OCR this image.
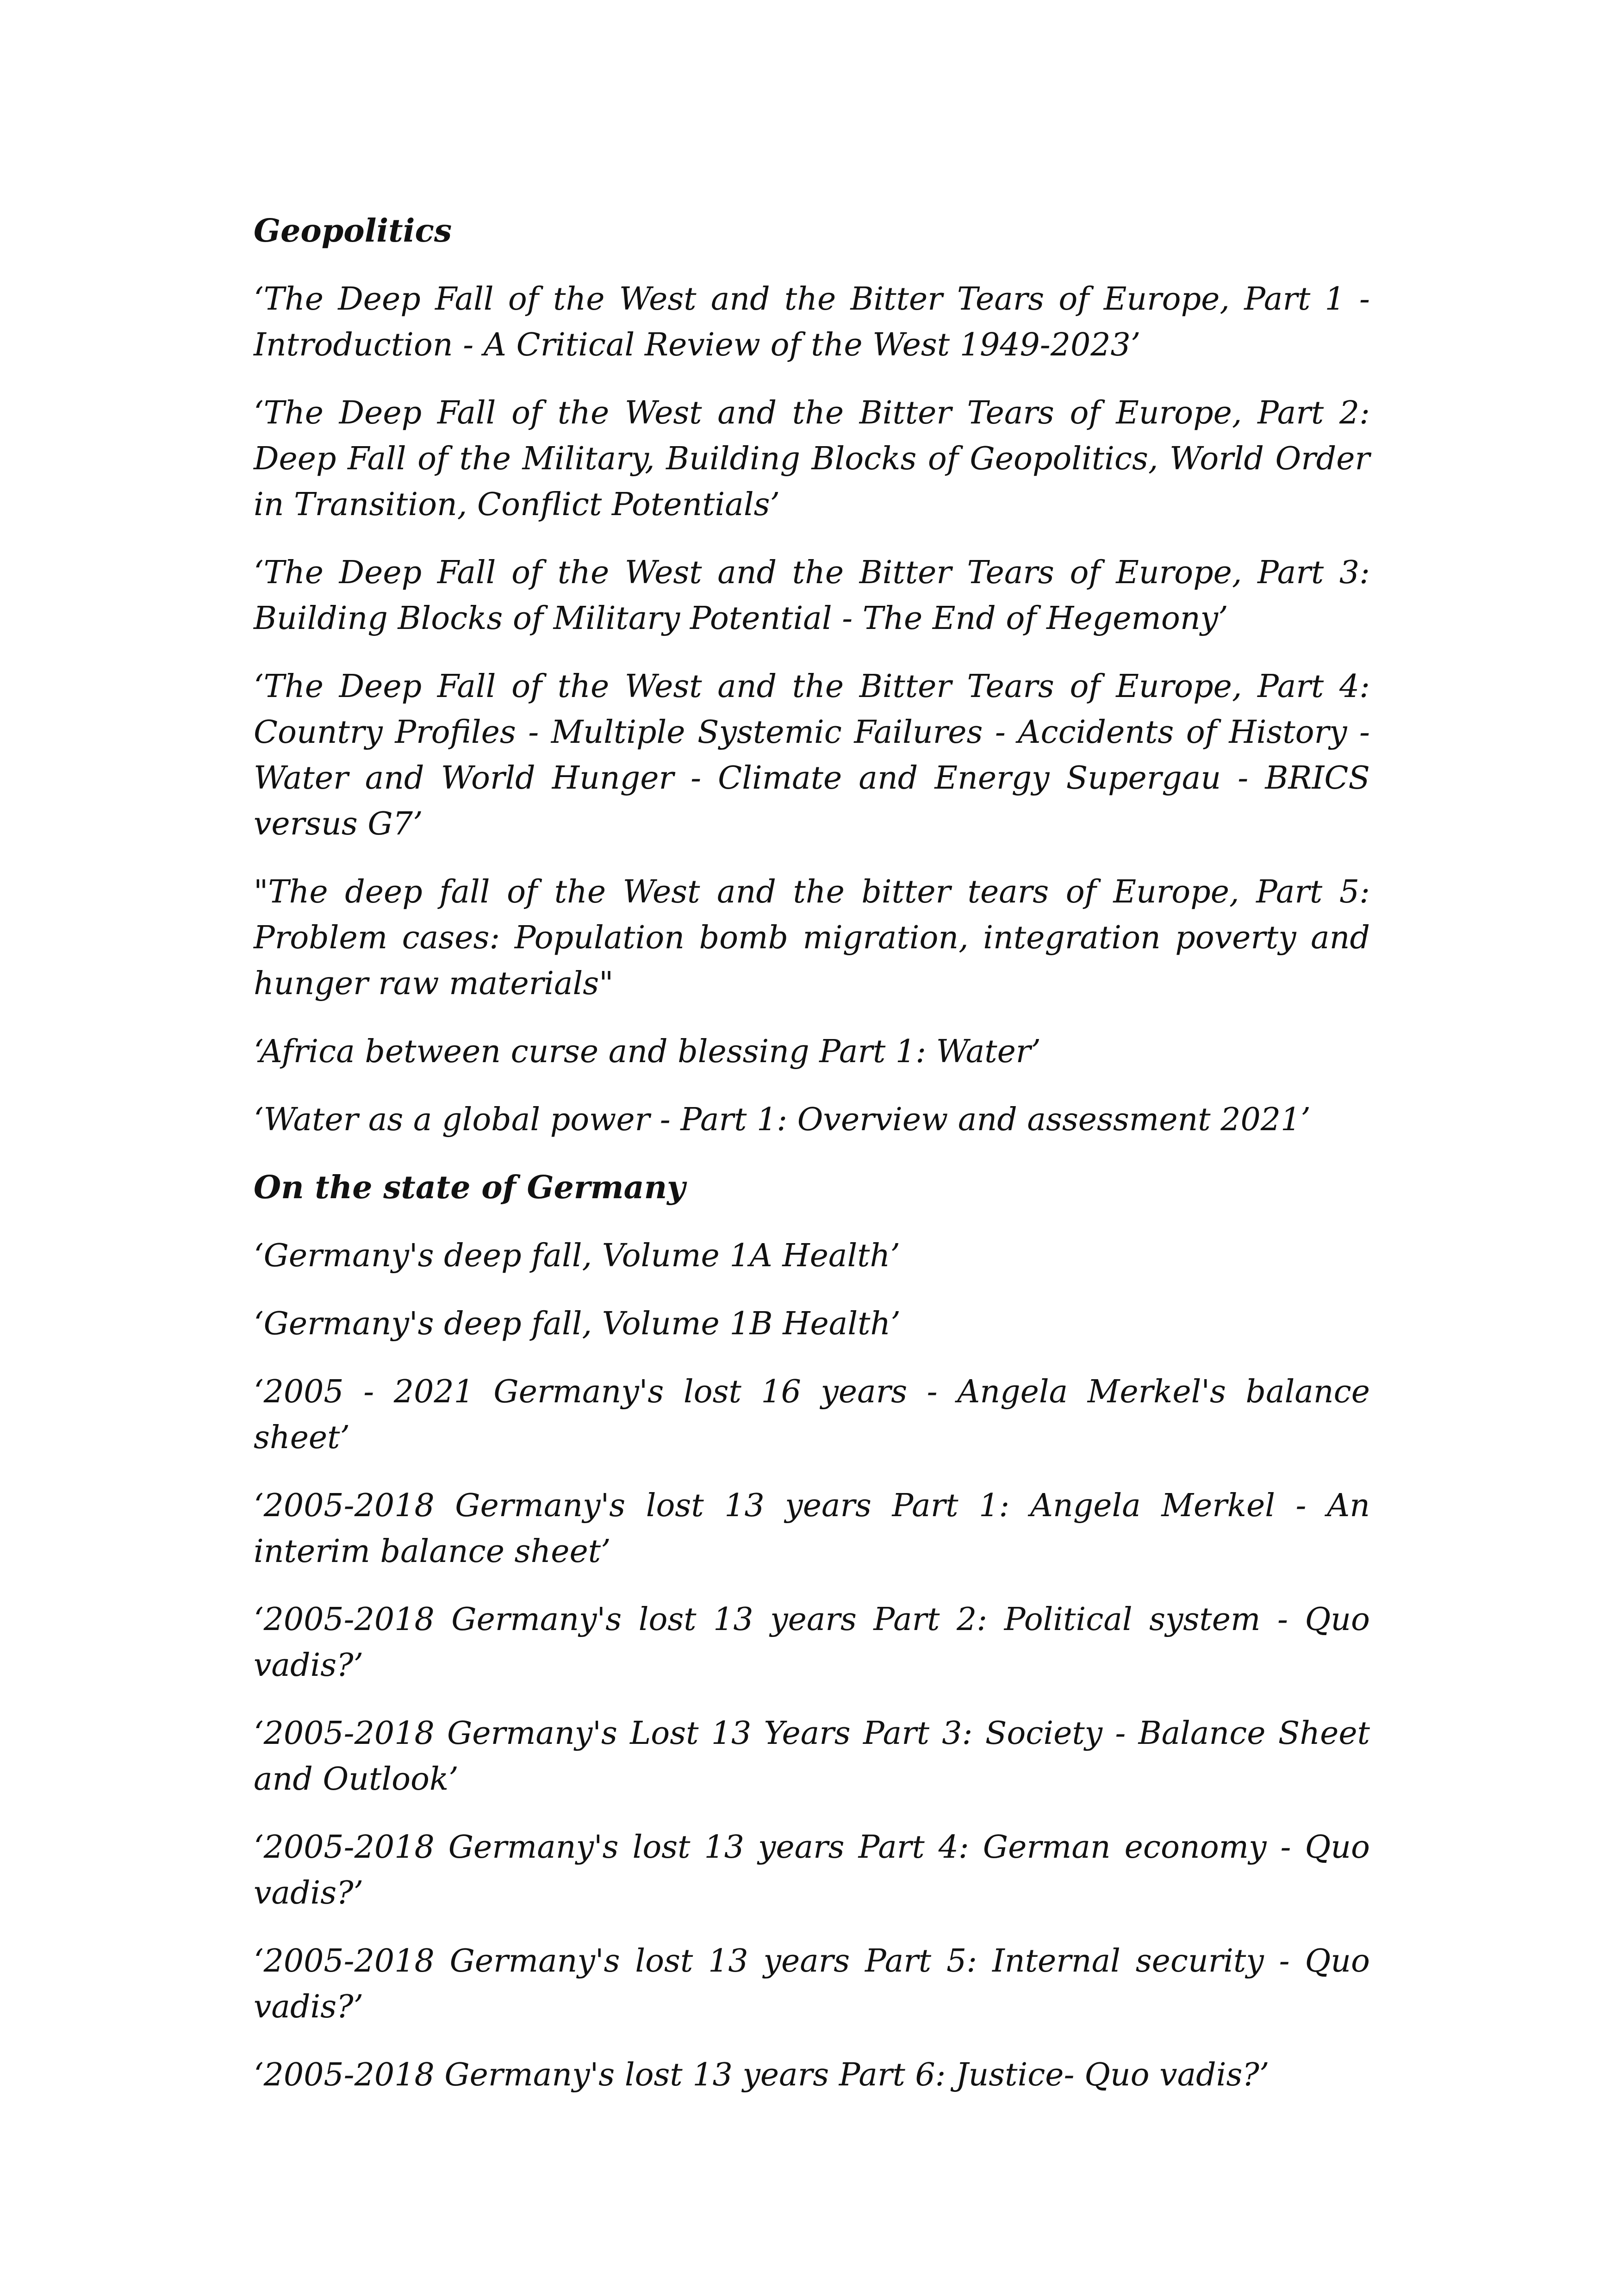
Geopolitics

‘The Deep Fall of the West and the Bitter Tears of Europe, Part 1 - Introduction - A Critical Review of the West 1949-2023’

‘The Deep Fall of the West and the Bitter Tears of Europe, Part 2: Deep Fall of the Military, Building Blocks of Geopolitics, World Order in Transition, Conflict Potentials’

‘The Deep Fall of the West and the Bitter Tears of Europe, Part 3: Building Blocks of Military Potential - The End of Hegemony’

‘The Deep Fall of the West and the Bitter Tears of Europe, Part 4: Country Profiles - Multiple Systemic Failures - Accidents of History - Water and World Hunger - Climate and Energy Supergau - BRICS versus G7’

"The deep fall of the West and the bitter tears of Europe, Part 5: Problem cases: Population bomb migration, integration poverty and hunger raw materials"

‘Africa between curse and blessing Part 1: Water’

‘Water as a global power - Part 1: Overview and assessment 2021’

On the state of Germany

‘Germany's deep fall, Volume 1A Health’

‘Germany's deep fall, Volume 1B Health’

‘2005 - 2021 Germany's lost 16 years - Angela Merkel's balance sheet’

‘2005-2018 Germany's lost 13 years Part 1: Angela Merkel - An interim balance sheet’

‘2005-2018 Germany's lost 13 years Part 2: Political system - Quo vadis?’

‘2005-2018 Germany's Lost 13 Years Part 3: Society - Balance Sheet and Outlook’

‘2005-2018 Germany's lost 13 years Part 4: German economy - Quo vadis?’

‘2005-2018 Germany's lost 13 years Part 5: Internal security - Quo vadis?’

‘2005-2018 Germany's lost 13 years Part 6: Justice- Quo vadis?’
